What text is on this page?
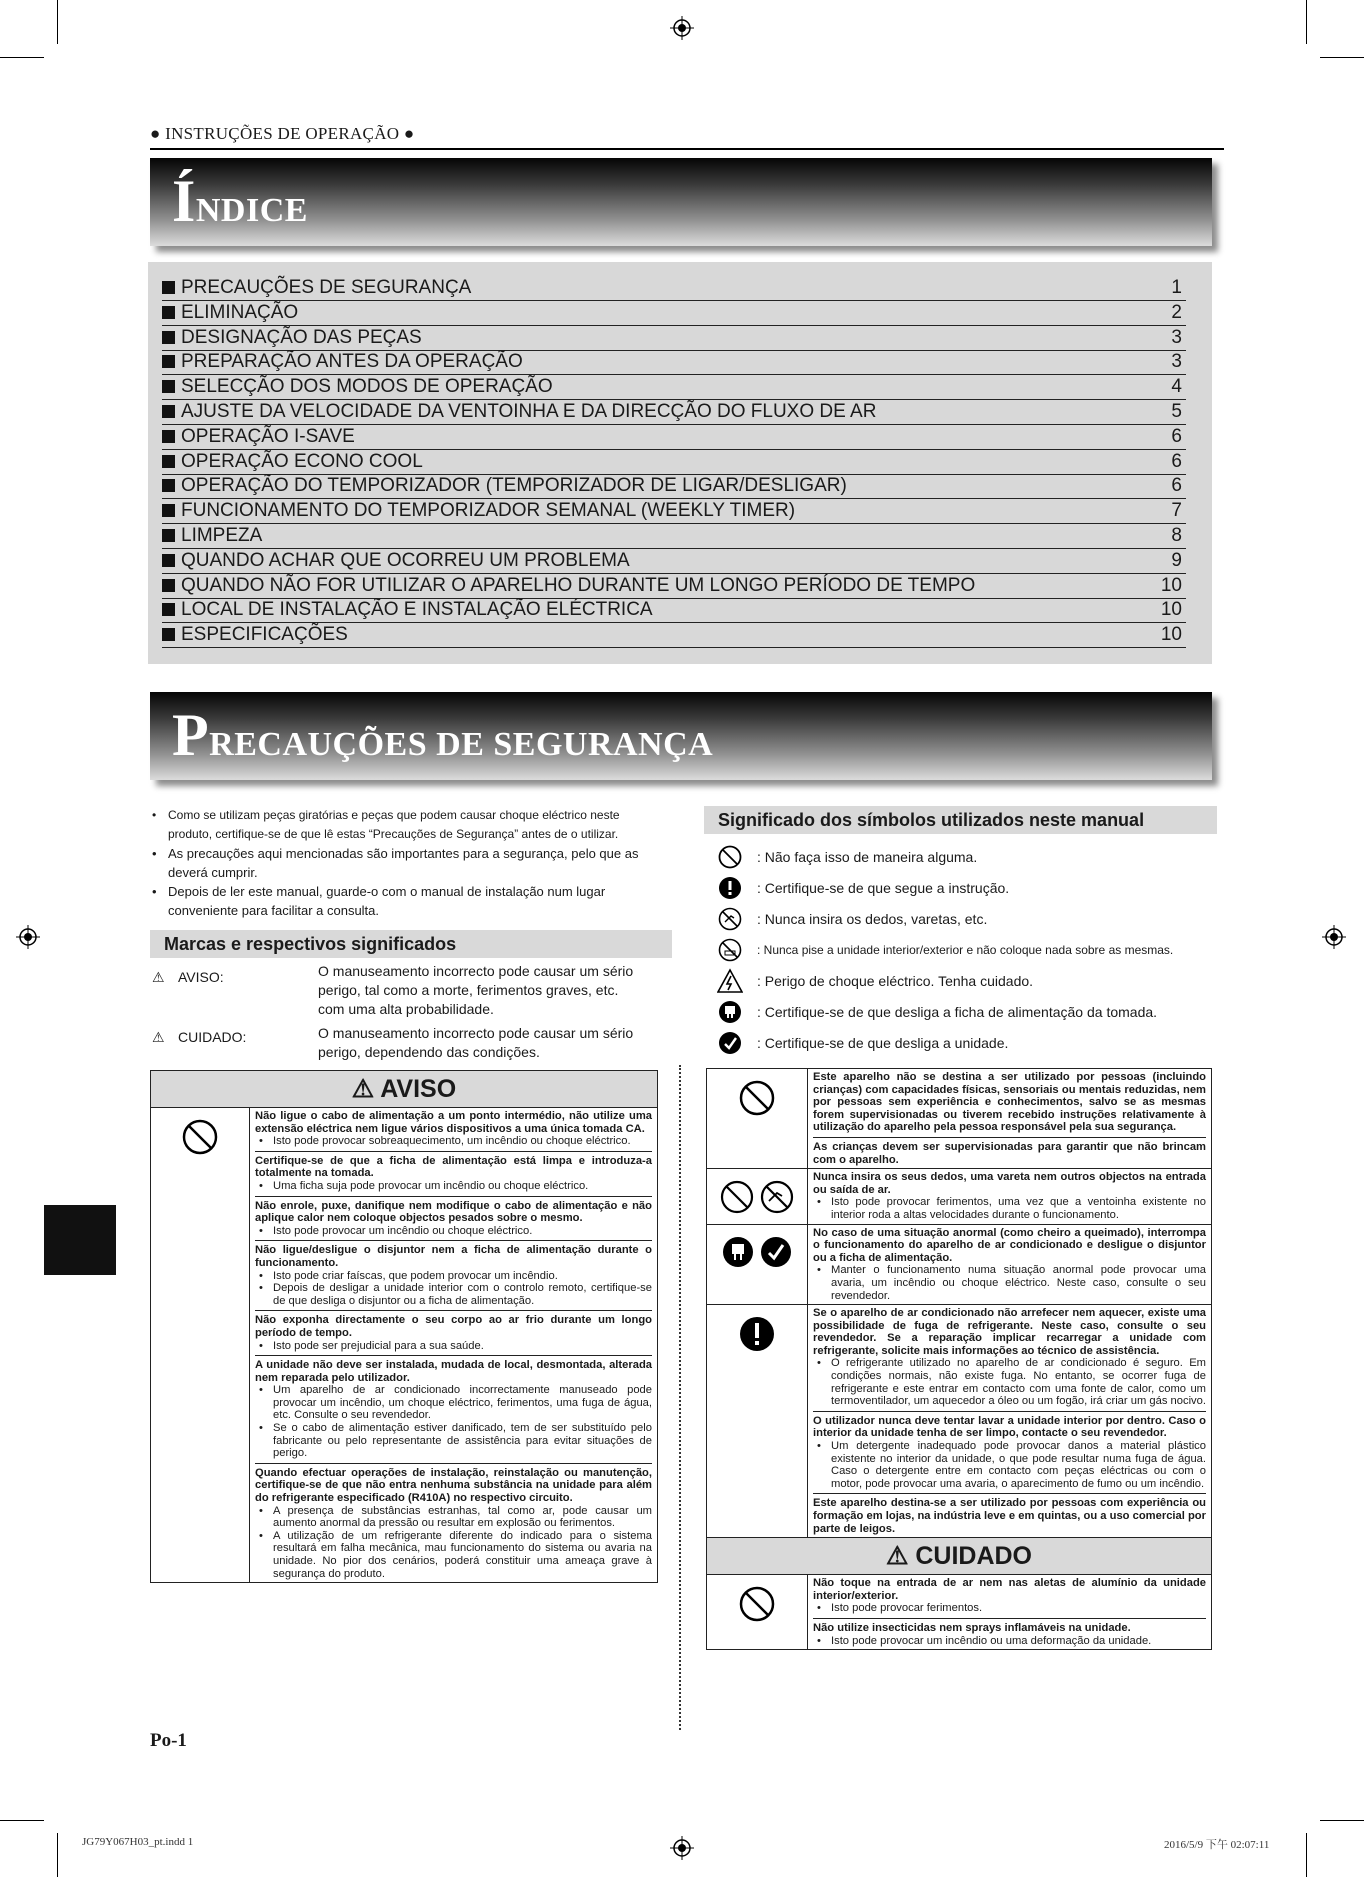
● INSTRUÇÕES DE OPERAÇÃO ●
ÍNDICE
PRECAUÇÕES DE SEGURANÇA	1
ELIMINAÇÃO	2
DESIGNAÇÃO DAS PEÇAS	3
PREPARAÇÃO ANTES DA OPERAÇÃO	3
SELECÇÃO DOS MODOS DE OPERAÇÃO	4
AJUSTE DA VELOCIDADE DA VENTOINHA E DA DIRECÇÃO DO FLUXO DE AR	5
OPERAÇÃO I-SAVE	6
OPERAÇÃO ECONO COOL	6
OPERAÇÃO DO TEMPORIZADOR (TEMPORIZADOR DE LIGAR/DESLIGAR)	6
FUNCIONAMENTO DO TEMPORIZADOR SEMANAL (WEEKLY TIMER)	7
LIMPEZA	8
QUANDO ACHAR QUE OCORREU UM PROBLEMA	9
QUANDO NÃO FOR UTILIZAR O APARELHO DURANTE UM LONGO PERÍODO DE TEMPO	10
LOCAL DE INSTALAÇÃO E INSTALAÇÃO ELÉCTRICA	10
ESPECIFICAÇÕES	10
PRECAUÇÕES DE SEGURANÇA
• Como se utilizam peças giratórias e peças que podem causar choque eléctrico neste produto, certifique-se de que lê estas “Precauções de Segurança” antes de o utilizar.
• As precauções aqui mencionadas são importantes para a segurança, pelo que as deverá cumprir.
• Depois de ler este manual, guarde-o com o manual de instalação num lugar conveniente para facilitar a consulta.
Marcas e respectivos significados
⚠ AVISO:	O manuseamento incorrecto pode causar um sério perigo, tal como a morte, ferimentos graves, etc. com uma alta probabilidade.
⚠ CUIDADO:	O manuseamento incorrecto pode causar um sério perigo, dependendo das condições.
Significado dos símbolos utilizados neste manual
: Não faça isso de maneira alguma.
: Certifique-se de que segue a instrução.
: Nunca insira os dedos, varetas, etc.
: Nunca pise a unidade interior/exterior e não coloque nada sobre as mesmas.
: Perigo de choque eléctrico. Tenha cuidado.
: Certifique-se de que desliga a ficha de alimentação da tomada.
: Certifique-se de que desliga a unidade.
⚠ AVISO

Não ligue o cabo de alimentação a um ponto intermédio, não utilize uma extensão eléctrica nem ligue vários dispositivos a uma única tomada CA.
• Isto pode provocar sobreaquecimento, um incêndio ou choque eléctrico.
Certifique-se de que a ficha de alimentação está limpa e introduza-a totalmente na tomada.
• Uma ficha suja pode provocar um incêndio ou choque eléctrico.
Não enrole, puxe, danifique nem modifique o cabo de alimentação e não aplique calor nem coloque objectos pesados sobre o mesmo.
• Isto pode provocar um incêndio ou choque eléctrico.
Não ligue/desligue o disjuntor nem a ficha de alimentação durante o funcionamento.
• Isto pode criar faíscas, que podem provocar um incêndio.
• Depois de desligar a unidade interior com o controlo remoto, certifique-se de que desliga o disjuntor ou a ficha de alimentação.
Não exponha directamente o seu corpo ao ar frio durante um longo período de tempo.
• Isto pode ser prejudicial para a sua saúde.
A unidade não deve ser instalada, mudada de local, desmontada, alterada nem reparada pelo utilizador.
• Um aparelho de ar condicionado incorrectamente manuseado pode provocar um incêndio, um choque eléctrico, ferimentos, uma fuga de água, etc. Consulte o seu revendedor.
• Se o cabo de alimentação estiver danificado, tem de ser substituído pelo fabricante ou pelo representante de assistência para evitar situações de perigo.
Quando efectuar operações de instalação, reinstalação ou manutenção, certifique-se de que não entra nenhuma substância na unidade para além do refrigerante especificado (R410A) no respectivo circuito.
• A presença de substâncias estranhas, tal como ar, pode causar um aumento anormal da pressão ou resultar em explosão ou ferimentos.
• A utilização de um refrigerante diferente do indicado para o sistema resultará em falha mecânica, mau funcionamento do sistema ou avaria na unidade. No pior dos cenários, poderá constituir uma ameaça grave à segurança do produto.

Este aparelho não se destina a ser utilizado por pessoas (incluindo crianças) com capacidades físicas, sensoriais ou mentais reduzidas, nem por pessoas sem experiência e conhecimentos, salvo se as mesmas forem supervisionadas ou tiverem recebido instruções relativamente à utilização do aparelho pela pessoa responsável pela sua segurança.
As crianças devem ser supervisionadas para garantir que não brincam com o aparelho.

Nunca insira os seus dedos, uma vareta nem outros objectos na entrada ou saída de ar.
• Isto pode provocar ferimentos, uma vez que a ventoinha existente no interior roda a altas velocidades durante o funcionamento.

No caso de uma situação anormal (como cheiro a queimado), interrompa o funcionamento do aparelho de ar condicionado e desligue o disjuntor ou a ficha de alimentação.
• Manter o funcionamento numa situação anormal pode provocar uma avaria, um incêndio ou choque eléctrico. Neste caso, consulte o seu revendedor.

Se o aparelho de ar condicionado não arrefecer nem aquecer, existe uma possibilidade de fuga de refrigerante. Neste caso, consulte o seu revendedor. Se a reparação implicar recarregar a unidade com refrigerante, solicite mais informações ao técnico de assistência.
• O refrigerante utilizado no aparelho de ar condicionado é seguro. Em condições normais, não existe fuga. No entanto, se ocorrer fuga de refrigerante e este entrar em contacto com uma fonte de calor, como um termoventilador, um aquecedor a óleo ou um fogão, irá criar um gás nocivo.
O utilizador nunca deve tentar lavar a unidade interior por dentro. Caso o interior da unidade tenha de ser limpo, contacte o seu revendedor.
• Um detergente inadequado pode provocar danos a material plástico existente no interior da unidade, o que pode resultar numa fuga de água. Caso o detergente entre em contacto com peças eléctricas ou com o motor, pode provocar uma avaria, o aparecimento de fumo ou um incêndio.
Este aparelho destina-se a ser utilizado por pessoas com experiência ou formação em lojas, na indústria leve e em quintas, ou a uso comercial por parte de leigos.

⚠ CUIDADO	

Não toque na entrada de ar nem nas aletas de alumínio da unidade interior/exterior.
• Isto pode provocar ferimentos.
Não utilize insecticidas nem sprays inflamáveis na unidade.
• Isto pode provocar um incêndio ou uma deformação da unidade.
Po-1
JG79Y067H03_pt.indd 1	2016/5/9 下午 02:07:11
